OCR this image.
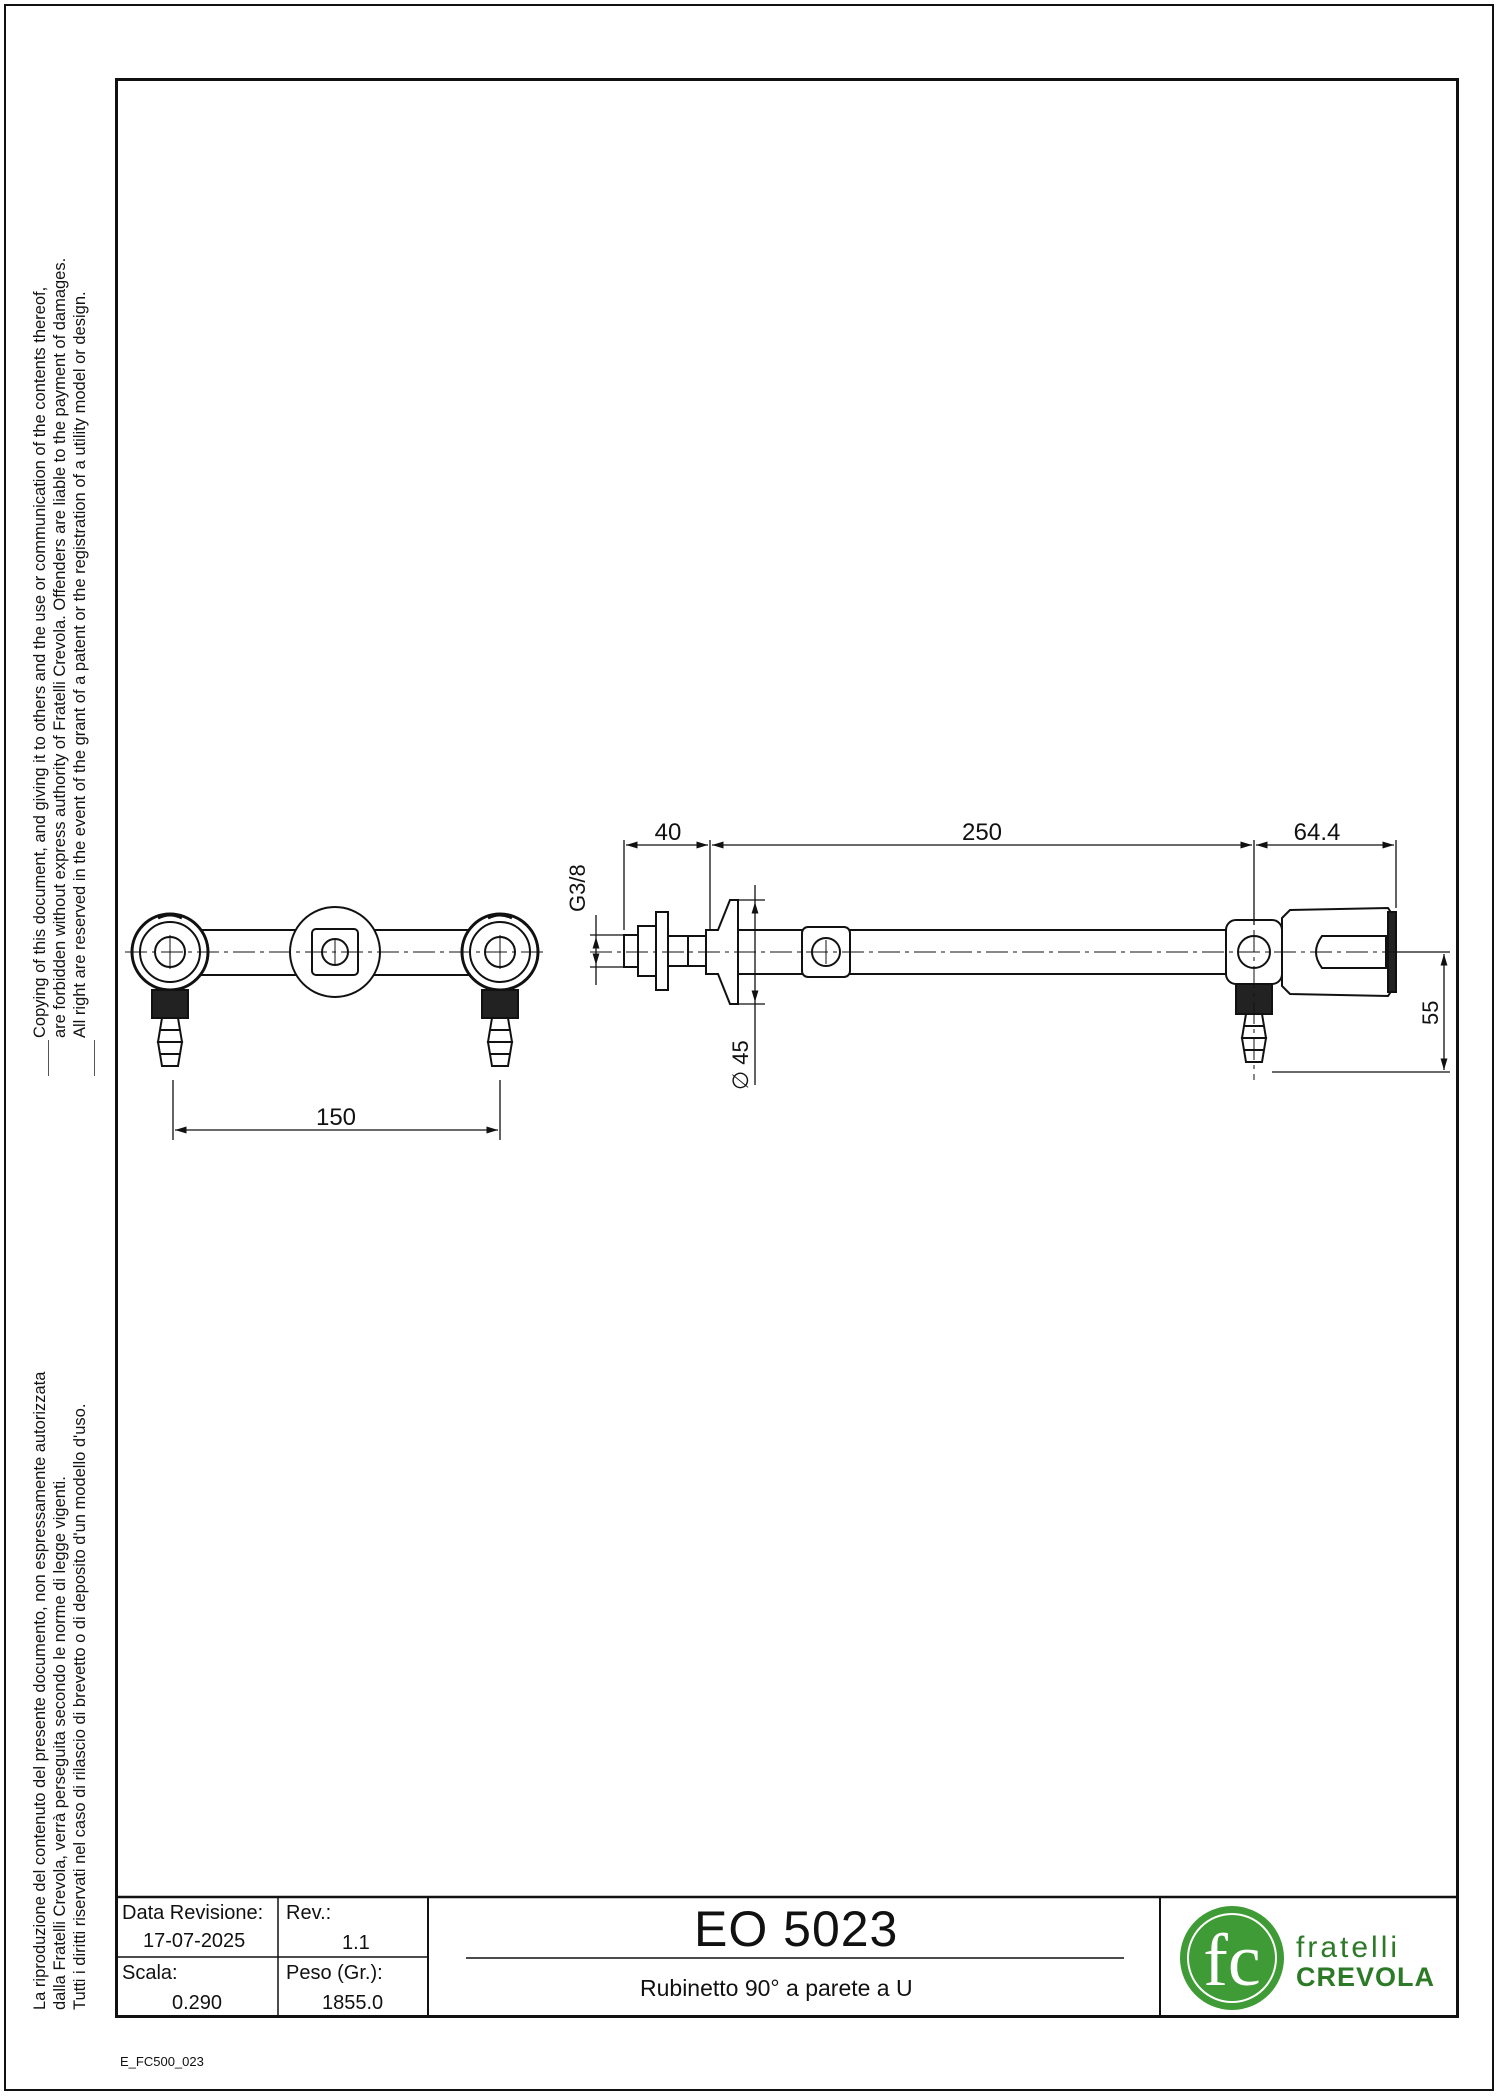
Copying of this document, and giving it to others and the use or communication of the contents thereof, are forbidden without express authority of Fratelli Crevola. Offenders are liable to the payment of damages. All right are reserved in the event of the grant of a patent or the registration of a utility model or design.
La riproduzione del contenuto del presente documento, non espressamente autorizzata dalla Fratelli Crevola, verrà perseguita secondo le norme di legge vigenti. Tutti i diritti riservati nel caso di rilascio di brevetto o di deposito d'un modello d'uso.
150
40	250	64.4
G3/8
∅ 45
55
fc fratelli
CREVOLA
Data Revisione:
17-07-2025
Rev.:
1.1
Scala:
0.290
Peso (Gr.):
1855.0
EO 5023
Rubinetto 90° a parete a U
E_FC500_023
